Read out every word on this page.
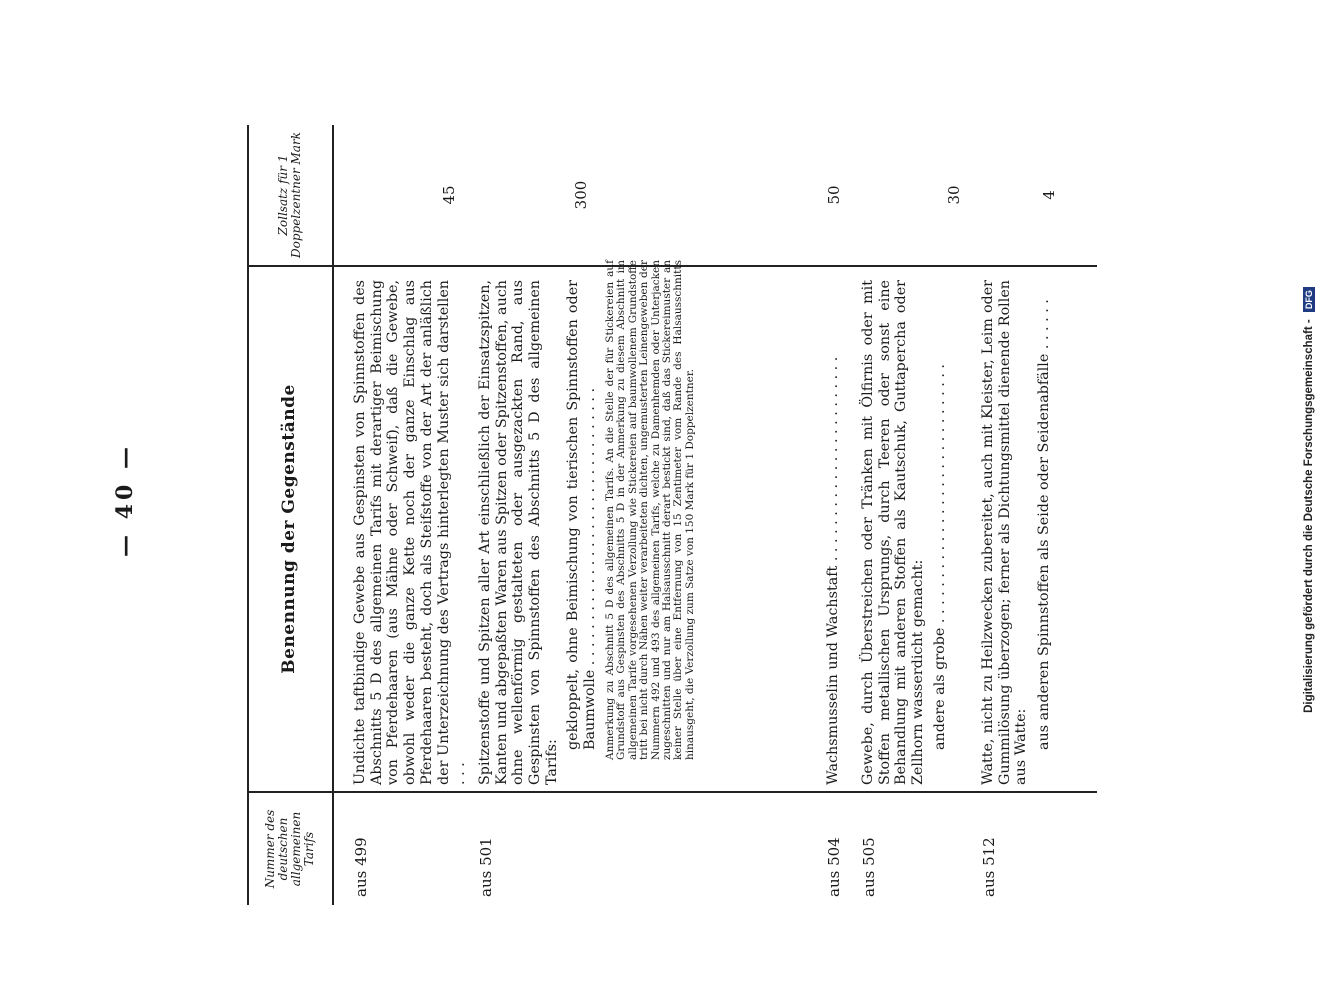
— 40 —
Nummer des deutschen allgemeinen Tarifs
Benennung der Gegenstände
Zollsatz für 1 Doppelzentner Mark
aus 499
Undichte taftbindige Gewebe aus Gespinsten von Spinnstoffen des Abschnitts 5 D des allgemeinen Tarifs mit derartiger Beimischung von Pferdehaaren (aus Mähne oder Schweif), daß die Gewebe, obwohl weder die ganze Kette noch der ganze Einschlag aus Pferdehaaren besteht, doch als Steifstoffe von der Art der anläßlich der Unterzeichnung des Vertrags hinterlegten Muster sich darstellen . . .
45
aus 501
Spitzenstoffe und Spitzen aller Art einschließlich der Einsatzspitzen, Kanten und abgepaßten Waren aus Spitzen oder Spitzenstoffen, auch ohne wellenförmig gestalteten oder ausgezackten Rand, aus Gespinsten von Spinnstoffen des Abschnitts 5 D des allgemeinen Tarifs:
gekloppelt, ohne Beimischung von tierischen Spinnstoffen oder Baumwolle . . . . . . . . . . . . . . . . . . . . . . . . . . . . . . . Anmerkung zu Abschnitt 5 D des allgemeinen Tarifs. An die Stelle der für Stickereien auf Grundstoff aus Gespinsten des Abschnitts 5 D in der Anmerkung zu diesem Abschnitt im allgemeinen Tarife vorgesehenen Verzollung wie Stickereien auf baumwollenem Grundstoffe tritt bei nicht durch Nähen weiter verarbeiteten dichten, ungemusterten Leinengeweben der Nummern 492 und 493 des allgemeinen Tarifs, welche zu Damenhemden oder Unterjacken zugeschnitten und nur am Halsausschnitt derart bestickt sind, daß das Stickereimuster an keiner Stelle über eine Entfernung von 15 Zentimeter vom Rande des Halsausschnitts hinausgeht, die Verzollung zum Satze von 150 Mark für 1 Doppelzentner.
300
aus 504
Wachsmusselin und Wachstaft . . . . . . . . . . . . . . . . . . . . . . .
50
aus 505
Gewebe, durch Überstreichen oder Tränken mit Ölfirnis oder mit Stoffen metallischen Ursprungs, durch Teeren oder sonst eine Behandlung mit anderen Stoffen als Kautschuk, Guttapercha oder Zellhorn wasserdicht gemacht: andere als grobe . . . . . . . . . . . . . . . . . . . . . . . . . . . . .
30
aus 512
Watte, nicht zu Heilzwecken zubereitet, auch mit Kleister, Leim oder Gummilösung überzogen; ferner als Dichtungsmittel dienende Rollen aus Watte: aus anderen Spinnstoffen als Seide oder Seidenabfälle . . . . . .
4
Digitalisierung gefördert durch die Deutsche Forschungsgemeinschaft - DFG
